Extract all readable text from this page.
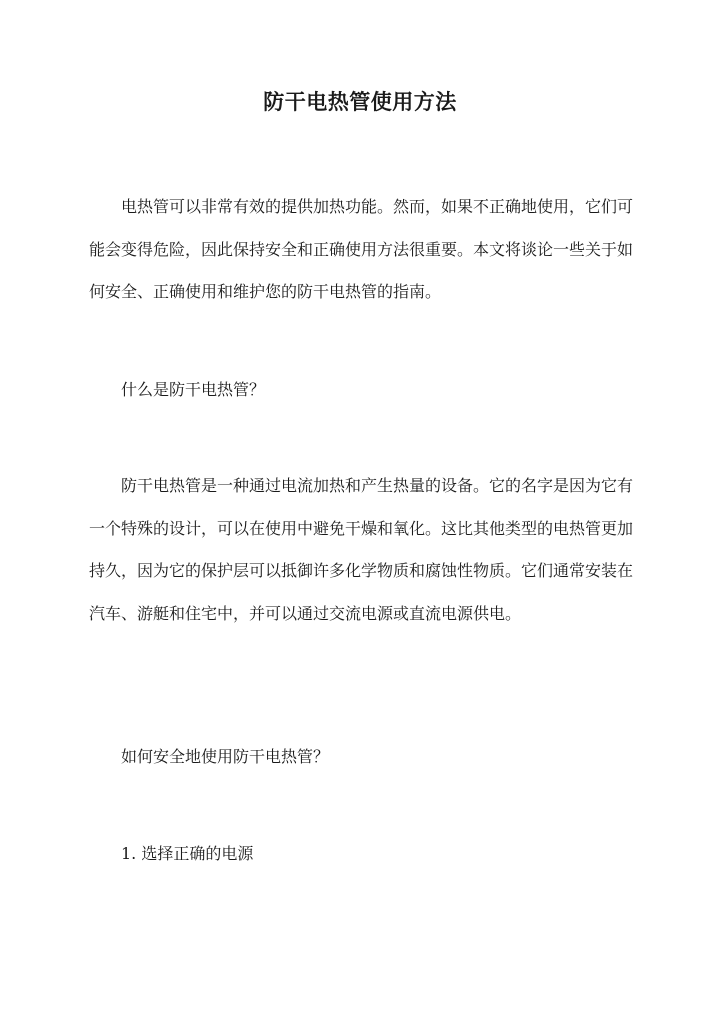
防干电热管使用方法

电热管可以非常有效的提供加热功能。然而，如果不正确地使用，它们可能会变得危险，因此保持安全和正确使用方法很重要。本文将谈论一些关于如何安全、正确使用和维护您的防干电热管的指南。

什么是防干电热管？

防干电热管是一种通过电流加热和产生热量的设备。它的名字是因为它有一个特殊的设计，可以在使用中避免干燥和氧化。这比其他类型的电热管更加持久，因为它的保护层可以抵御许多化学物质和腐蚀性物质。它们通常安装在汽车、游艇和住宅中，并可以通过交流电源或直流电源供电。

如何安全地使用防干电热管？

1. 选择正确的电源
